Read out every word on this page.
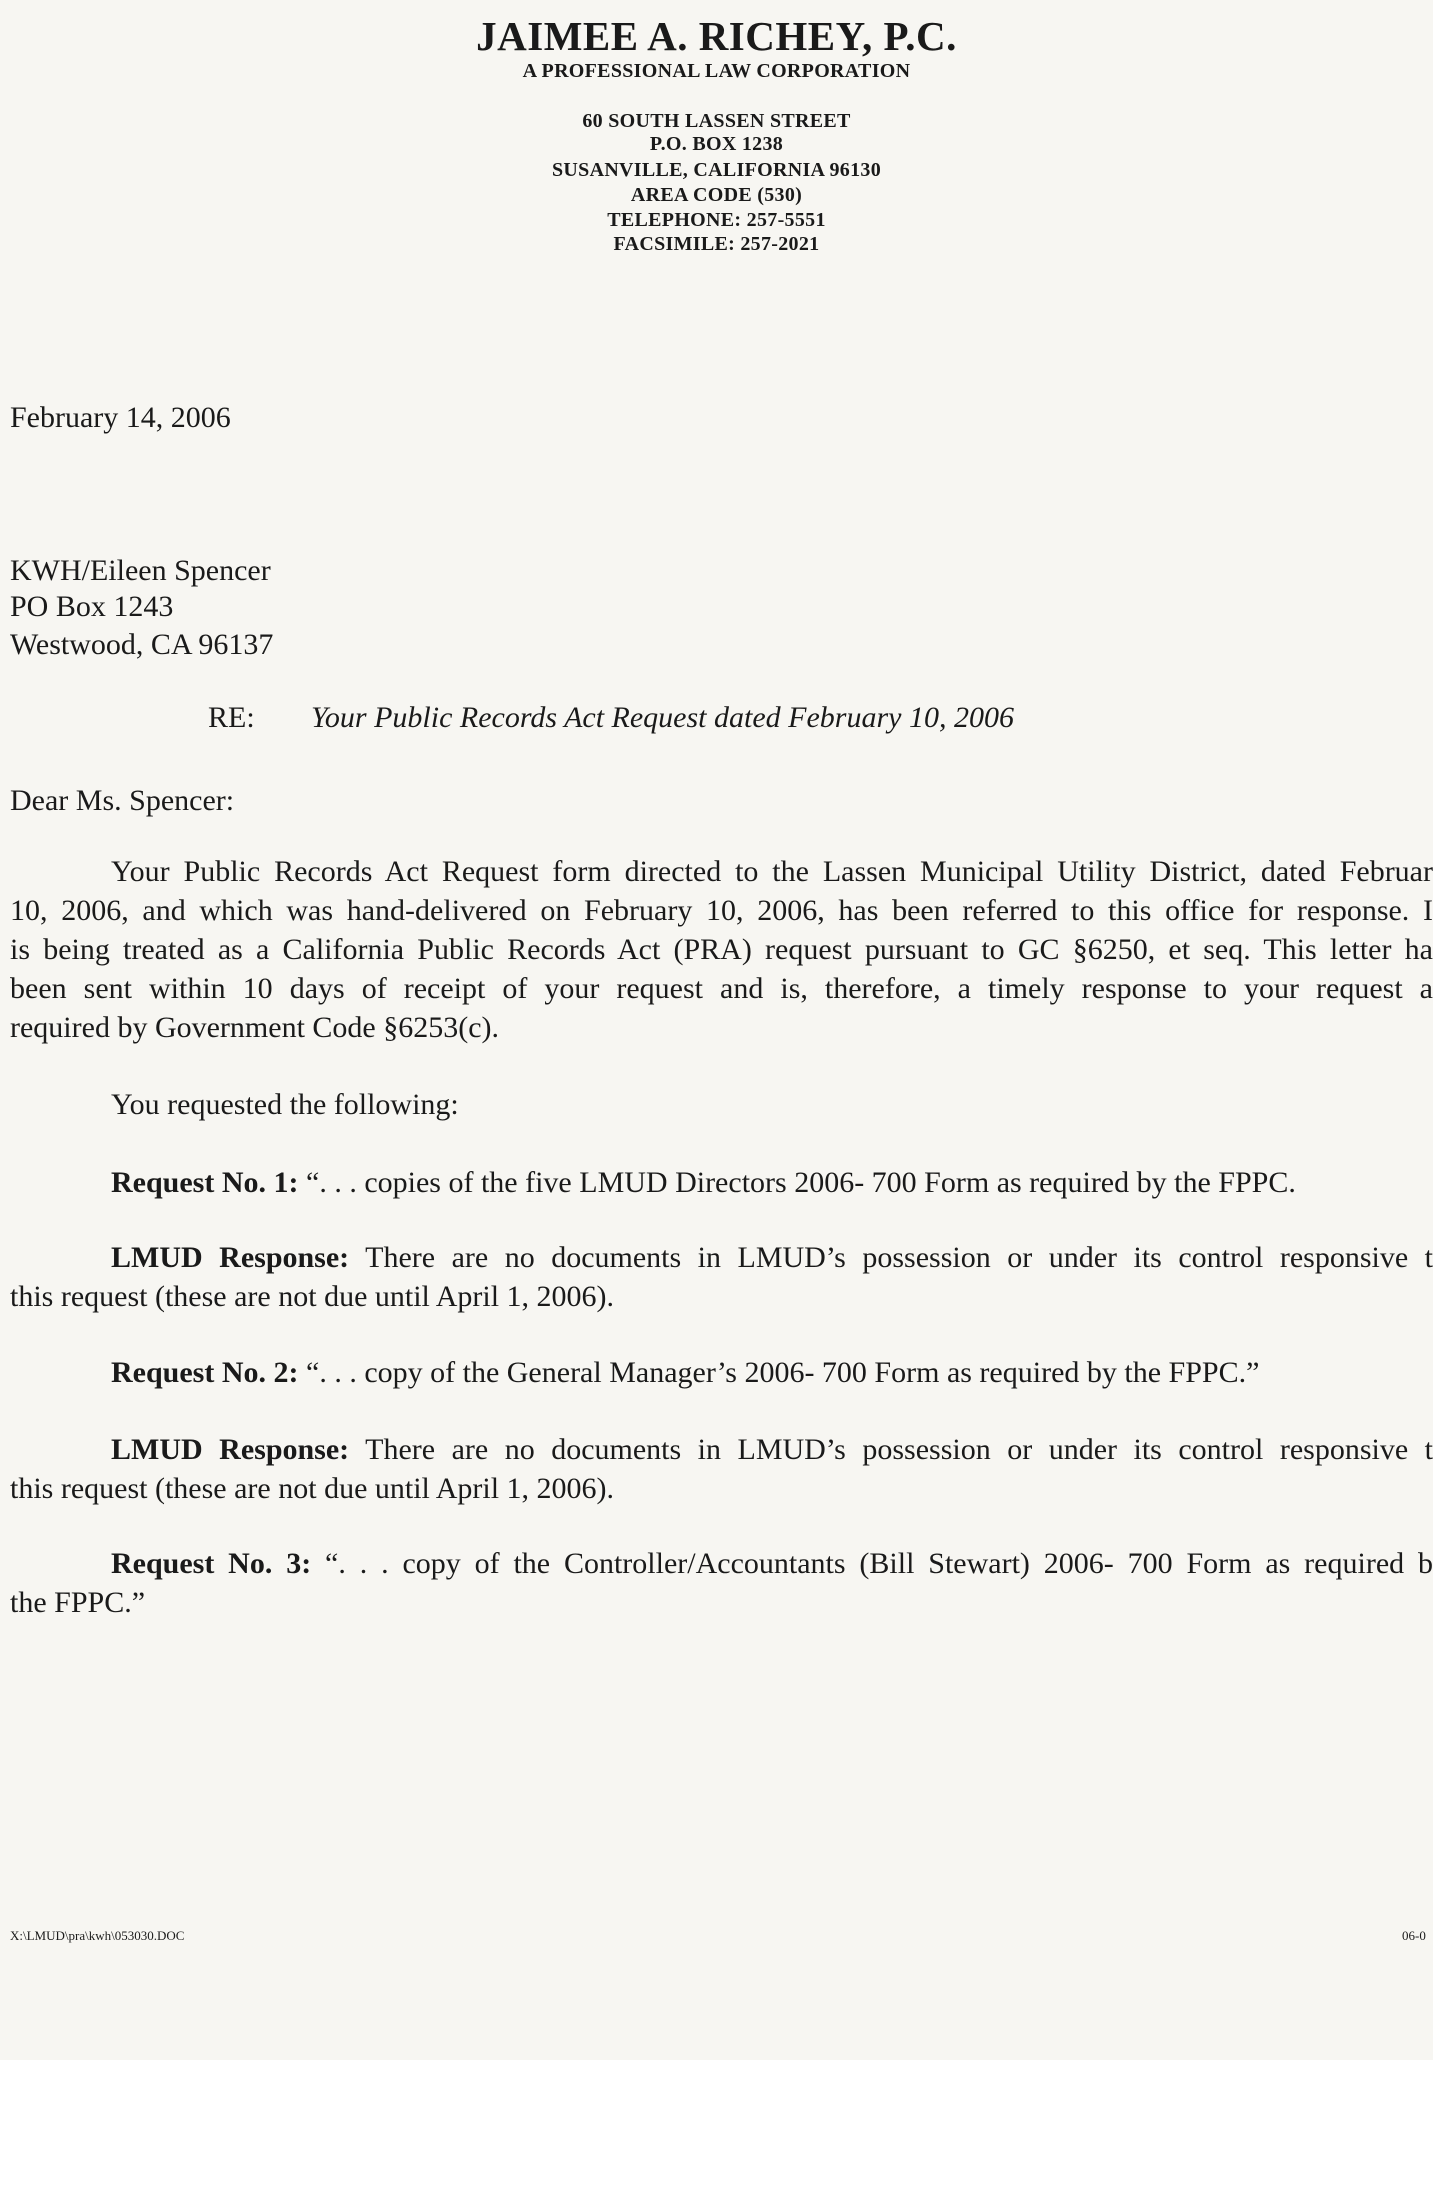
JAIMEE A. RICHEY, P.C.
A PROFESSIONAL LAW CORPORATION
60 SOUTH LASSEN STREET
P.O. BOX 1238
SUSANVILLE, CALIFORNIA 96130
AREA CODE (530)
TELEPHONE: 257-5551
FACSIMILE: 257-2021
February 14, 2006
KWH/Eileen Spencer
PO Box 1243
Westwood, CA 96137
RE: Your Public Records Act Request dated February 10, 2006
Dear Ms. Spencer:
Your Public Records Act Request form directed to the Lassen Municipal Utility District, dated Februar
10, 2006, and which was hand-delivered on February 10, 2006, has been referred to this office for response. I
is being treated as a California Public Records Act (PRA) request pursuant to GC §6250, et seq. This letter ha
been sent within 10 days of receipt of your request and is, therefore, a timely response to your request a
required by Government Code §6253(c).
You requested the following:
Request No. 1: “. . . copies of the five LMUD Directors 2006- 700 Form as required by the FPPC.
LMUD Response: There are no documents in LMUD’s possession or under its control responsive t
this request (these are not due until April 1, 2006).
Request No. 2: “. . . copy of the General Manager’s 2006- 700 Form as required by the FPPC.”
LMUD Response: There are no documents in LMUD’s possession or under its control responsive t
this request (these are not due until April 1, 2006).
Request No. 3: “. . . copy of the Controller/Accountants (Bill Stewart) 2006- 700 Form as required b
the FPPC.”
X:\LMUD\pra\kwh\053030.DOC	06-0
